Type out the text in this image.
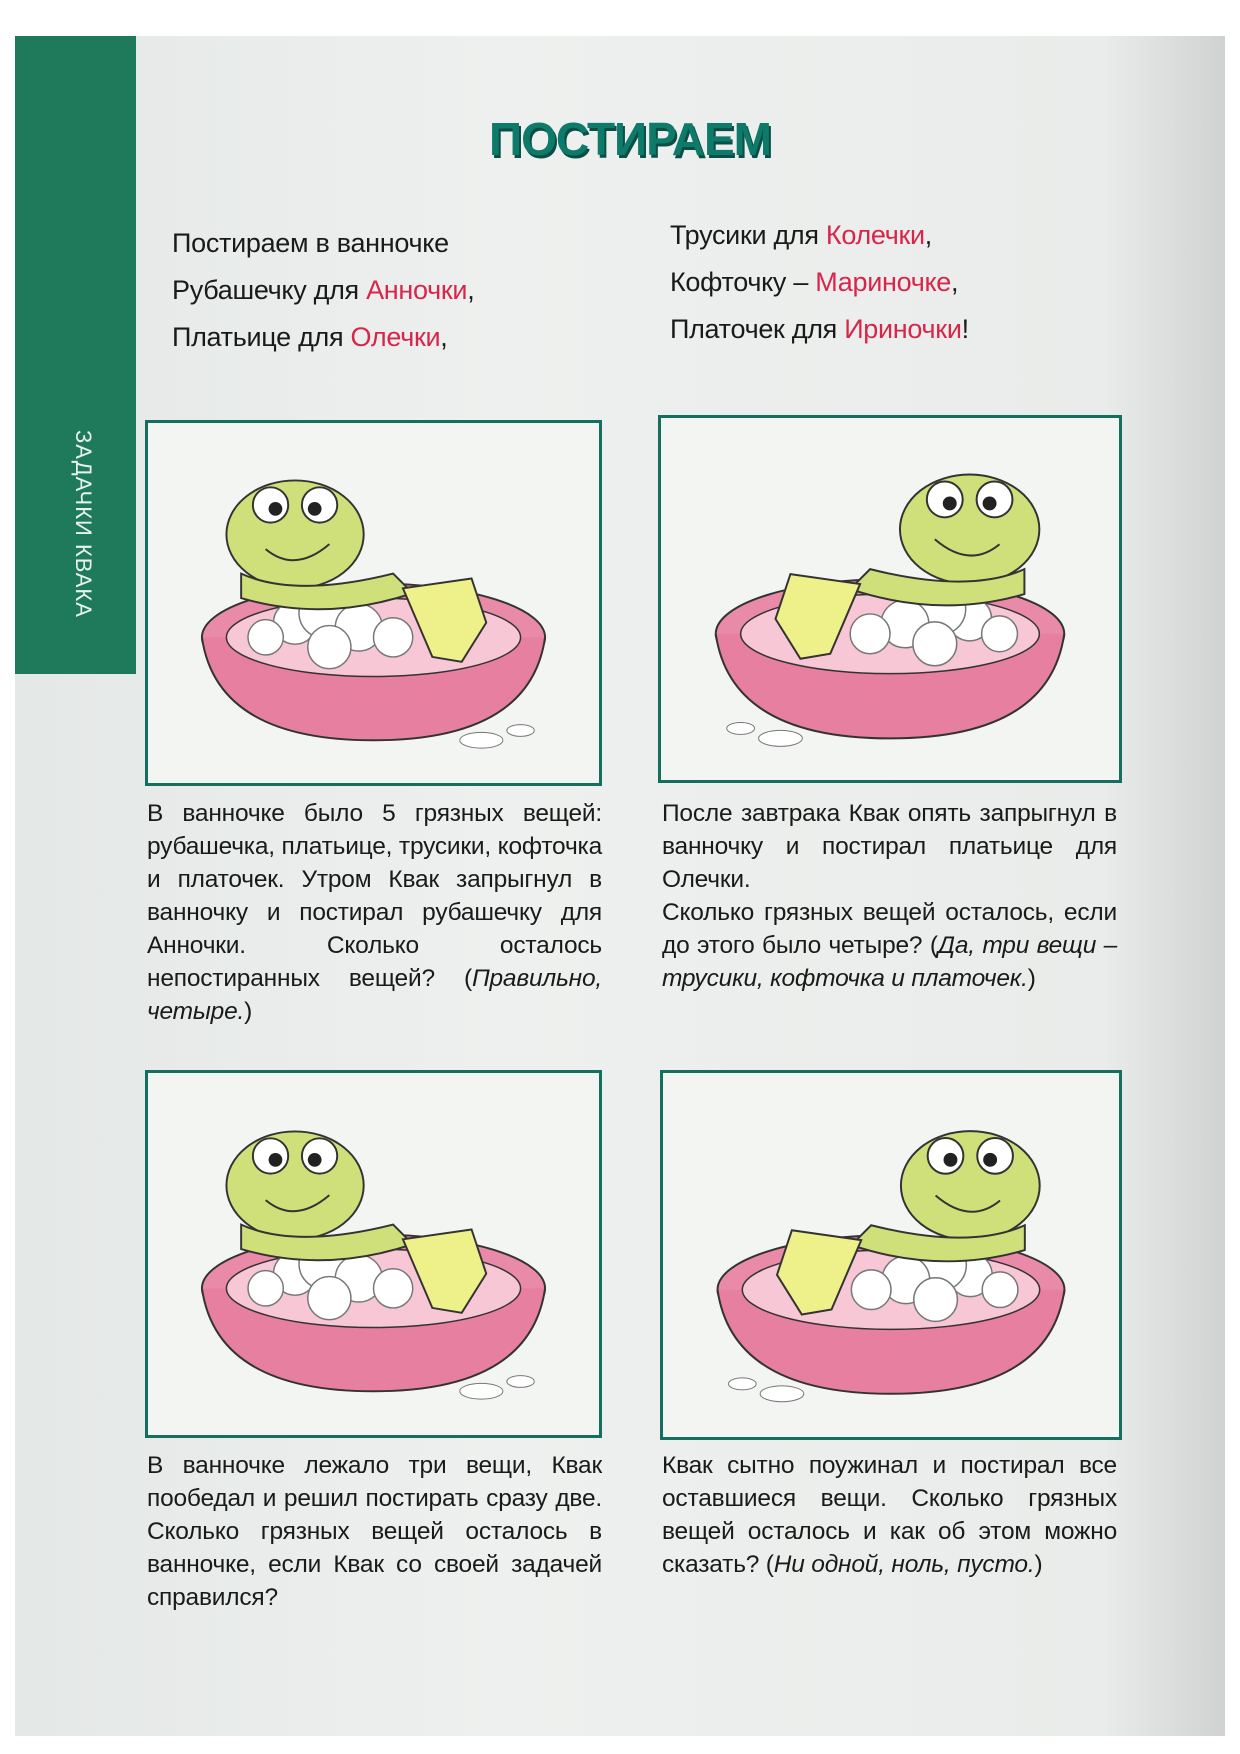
ЗАДАЧКИ КВАКА
ПОСТИРАЕМ
Постираем в ванночке
Рубашечку для Анночки,
Платьице для Олечки,
Трусики для Колечки,
Кофточку – Мариночке,
Платочек для Ириночки!
В ванночке было 5 грязных вещей: рубашечка, платьице, трусики, кофточка и платочек. Утром Квак запрыгнул в ванночку и постирал рубашечку для Анночки. Сколько осталось непостиранных вещей? (Правильно, четыре.)
После завтрака Квак опять запрыгнул в ванночку и постирал платьице для Олечки.
Сколько грязных вещей осталось, если до этого было четыре? (Да, три вещи – трусики, кофточка и платочек.)
В ванночке лежало три вещи, Квак пообедал и решил постирать сразу две. Сколько грязных вещей осталось в ванночке, если Квак со своей задачей справился?
Квак сытно поужинал и постирал все оставшиеся вещи. Сколько грязных вещей осталось и как об этом можно сказать? (Ни одной, ноль, пусто.)
